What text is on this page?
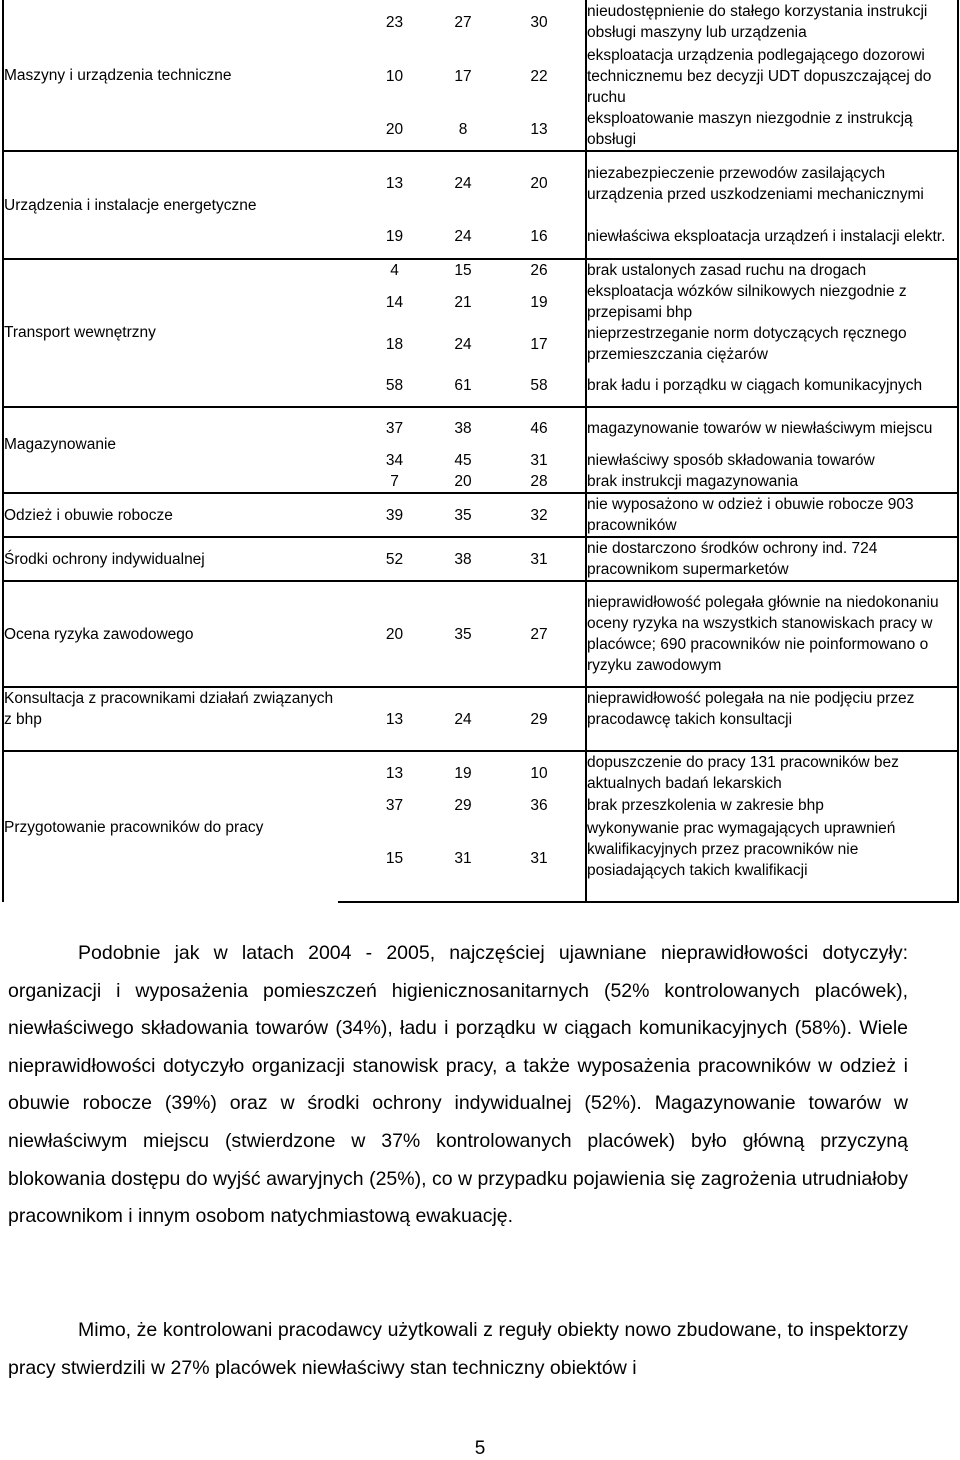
Maszyny i urządzenia techniczne	23	27	30	nieudostępnienie do stałego korzystania instrukcji obsługi maszyny lub urządzenia
	10	17	22	eksploatacja urządzenia podlegającego dozorowi technicznemu bez decyzji UDT dopuszczającej do ruchu
	20	8	13	eksploatowanie maszyn niezgodnie z instrukcją obsługi
Urządzenia i instalacje energetyczne	13	24	20	niezabezpieczenie przewodów zasilających urządzenia przed uszkodzeniami mechanicznymi
	19	24	16	niewłaściwa eksploatacja urządzeń i instalacji elektr.
Transport wewnętrzny	4	15	26	brak ustalonych zasad ruchu na drogach
	14	21	19	eksploatacja wózków silnikowych niezgodnie z przepisami bhp
	18	24	17	nieprzestrzeganie norm dotyczących ręcznego przemieszczania ciężarów
	58	61	58	brak ładu i porządku w ciągach komunikacyjnych
Magazynowanie	37	38	46	magazynowanie towarów w niewłaściwym miejscu
	34	45	31	niewłaściwy sposób składowania towarów
	7	20	28	brak instrukcji magazynowania
Odzież i obuwie robocze	39	35	32	nie wyposażono w odzież i obuwie robocze 903 pracowników
Środki ochrony indywidualnej	52	38	31	nie dostarczono środków ochrony ind. 724 pracownikom supermarketów
Ocena ryzyka zawodowego	20	35	27	nieprawidłowość polegała głównie na niedokonaniu oceny ryzyka na wszystkich stanowiskach pracy w placówce; 690 pracowników nie poinformowano o ryzyku zawodowym
Konsultacja z pracownikami działań związanych
z bhp	13	24	29	nieprawidłowość polegała na nie podjęciu przez pracodawcę takich konsultacji
Przygotowanie pracowników do pracy	13	19	10	dopuszczenie do pracy 131 pracowników bez aktualnych badań lekarskich
	37	29	36	brak przeszkolenia w zakresie bhp
	15	31	31	wykonywanie prac wymagających uprawnień kwalifikacyjnych przez pracowników nie posiadających takich kwalifikacji

Podobnie jak w latach 2004 - 2005, najczęściej ujawniane nieprawidłowości dotyczyły: organizacji i wyposażenia pomieszczeń higienicznosanitarnych (52% kontrolowanych placówek), niewłaściwego składowania towarów (34%), ładu i porządku w ciągach komunikacyjnych (58%). Wiele nieprawidłowości dotyczyło organizacji stanowisk pracy, a także wyposażenia pracowników w odzież i obuwie robocze (39%) oraz w środki ochrony indywidualnej (52%). Magazynowanie towarów w niewłaściwym miejscu (stwierdzone w 37% kontrolowanych placówek) było główną przyczyną blokowania dostępu do wyjść awaryjnych (25%), co w przypadku pojawienia się zagrożenia utrudniałoby pracownikom i innym osobom natychmiastową ewakuację.

Mimo, że kontrolowani pracodawcy użytkowali z reguły obiekty nowo zbudowane, to inspektorzy pracy stwierdzili w 27% placówek niewłaściwy stan techniczny obiektów i

5
